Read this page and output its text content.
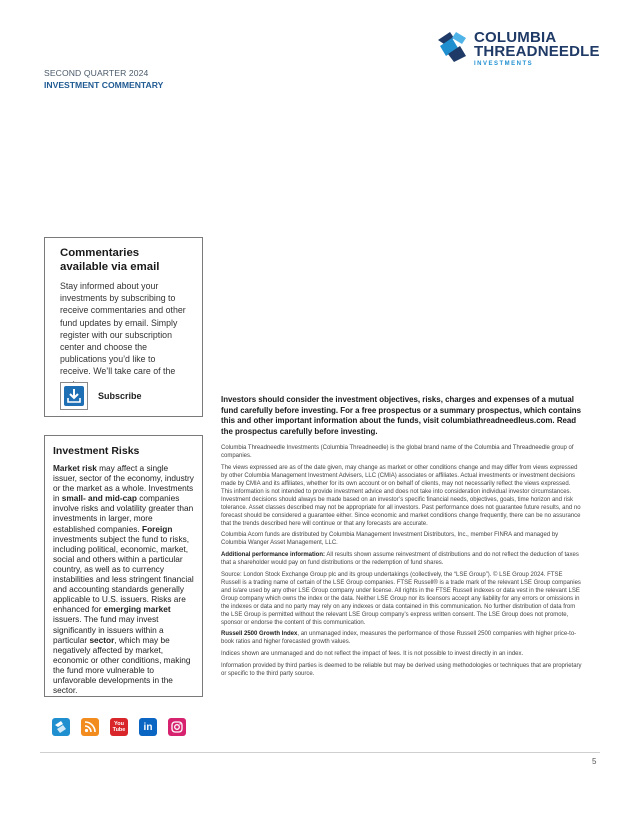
SECOND QUARTER 2024
INVESTMENT COMMENTARY
COLUMBIA
THREADNEEDLE
INVESTMENTS
Commentaries available via email
Stay informed about your investments by subscribing to receive commentaries and other fund updates by email. Simply register with our subscription center and choose the publications you’d like to receive. We’ll take care of the
Subscribe
Investment Risks
Market risk may affect a single issuer, sector of the economy, industry or the market as a whole. Investments in small- and mid-cap companies involve risks and volatility greater than investments in larger, more established companies. Foreign investments subject the fund to risks, including political, economic, market, social and others within a particular country, as well as to currency instabilities and less stringent financial and accounting standards generally applicable to U.S. issuers. Risks are enhanced for emerging market issuers. The fund may invest significantly in issuers within a particular sector, which may be negatively affected by market, economic or other conditions, making the fund more vulnerable to unfavorable developments in the sector.
Investors should consider the investment objectives, risks, charges and expenses of a mutual fund carefully before investing. For a free prospectus or a summary prospectus, which contains this and other important information about the funds, visit columbiathreadneedleus.com. Read the prospectus carefully before investing.
Columbia Threadneedle Investments (Columbia Threadneedle) is the global brand name of the Columbia and Threadneedle group of companies.
The views expressed are as of the date given, may change as market or other conditions change and may differ from views expressed by other Columbia Management Investment Advisers, LLC (CMIA) associates or affiliates. Actual investments or investment decisions made by CMIA and its affiliates, whether for its own account or on behalf of clients, may not necessarily reflect the views expressed. This information is not intended to provide investment advice and does not take into consideration individual investor circumstances. Investment decisions should always be made based on an investor’s specific financial needs, objectives, goals, time horizon and risk tolerance. Asset classes described may not be appropriate for all investors. Past performance does not guarantee future results, and no forecast should be considered a guarantee either. Since economic and market conditions change frequently, there can be no assurance that the trends described here will continue or that any forecasts are accurate.
Columbia Acorn funds are distributed by Columbia Management Investment Distributors, Inc., member FINRA and managed by Columbia Wanger Asset Management, LLC.
Additional performance information: All results shown assume reinvestment of distributions and do not reflect the deduction of taxes that a shareholder would pay on fund distributions or the redemption of fund shares.
Source: London Stock Exchange Group plc and its group undertakings (collectively, the “LSE Group”). © LSE Group 2024. FTSE Russell is a trading name of certain of the LSE Group companies. FTSE Russell® is a trade mark of the relevant LSE Group companies and is/are used by any other LSE Group company under license. All rights in the FTSE Russell indexes or data vest in the relevant LSE Group company which owns the index or the data. Neither LSE Group nor its licensors accept any liability for any errors or omissions in the indexes or data and no party may rely on any indexes or data contained in this communication. No further distribution of data from the LSE Group is permitted without the relevant LSE Group company’s express written consent. The LSE Group does not promote, sponsor or endorse the content of this communication.
Russell 2500 Growth Index, an unmanaged index, measures the performance of those Russell 2500 companies with higher price-to-book ratios and higher forecasted growth values.
Indices shown are unmanaged and do not reflect the impact of fees. It is not possible to invest directly in an index.
Information provided by third parties is deemed to be reliable but may be derived using methodologies or techniques that are proprietary or specific to the third party source.
You Tube	in
5
